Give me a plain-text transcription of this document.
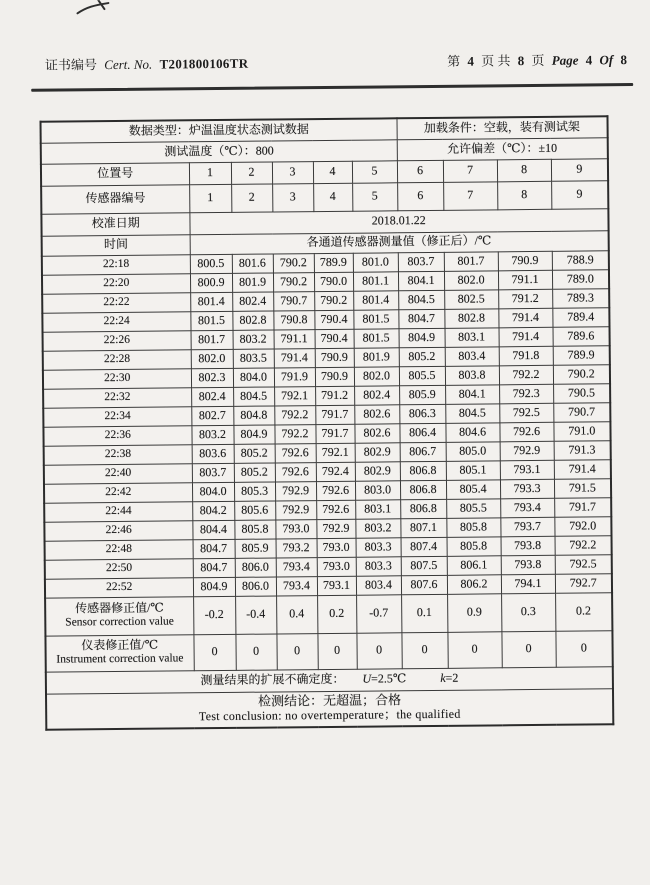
证书编号 Cert. No. T201800106TR	第 4 页 共 8 页 Page 4 Of 8
数据类型：炉温温度状态测试数据						加载条件：空载，装有测试架			
测试温度（℃）：800						允许偏差（℃）：±10			
位置号	1	2	3	4	5	6	7	8	9
传感器编号	1	2	3	4	5	6	7	8	9
校准日期	2018.01.22								
时间	各通道传感器测量值（修正后）/℃								
22:18	800.5	801.6	790.2	789.9	801.0	803.7	801.7	790.9	788.9
22:20	800.9	801.9	790.2	790.0	801.1	804.1	802.0	791.1	789.0
22:22	801.4	802.4	790.7	790.2	801.4	804.5	802.5	791.2	789.3
22:24	801.5	802.8	790.8	790.4	801.5	804.7	802.8	791.4	789.4
22:26	801.7	803.2	791.1	790.4	801.5	804.9	803.1	791.4	789.6
22:28	802.0	803.5	791.4	790.9	801.9	805.2	803.4	791.8	789.9
22:30	802.3	804.0	791.9	790.9	802.0	805.5	803.8	792.2	790.2
22:32	802.4	804.5	792.1	791.2	802.4	805.9	804.1	792.3	790.5
22:34	802.7	804.8	792.2	791.7	802.6	806.3	804.5	792.5	790.7
22:36	803.2	804.9	792.2	791.7	802.6	806.4	804.6	792.6	791.0
22:38	803.6	805.2	792.6	792.1	802.9	806.7	805.0	792.9	791.3
22:40	803.7	805.2	792.6	792.4	802.9	806.8	805.1	793.1	791.4
22:42	804.0	805.3	792.9	792.6	803.0	806.8	805.4	793.3	791.5
22:44	804.2	805.6	792.9	792.6	803.1	806.8	805.5	793.4	791.7
22:46	804.4	805.8	793.0	792.9	803.2	807.1	805.8	793.7	792.0
22:48	804.7	805.9	793.2	793.0	803.3	807.4	805.8	793.8	792.2
22:50	804.7	806.0	793.4	793.0	803.3	807.5	806.1	793.8	792.5
22:52	804.9	806.0	793.4	793.1	803.4	807.6	806.2	794.1	792.7
传感器修正值/℃
Sensor correction value	-0.2	-0.4	0.4	0.2	-0.7	0.1	0.9	0.3	0.2
仪表修正值/℃
Instrument correction value	0	0	0	0	0	0	0	0	0
测量结果的扩展不确定度： U=2.5℃ k=2									

检测结论：无超温；合格
Test conclusion: no overtemperature；the qualified									
